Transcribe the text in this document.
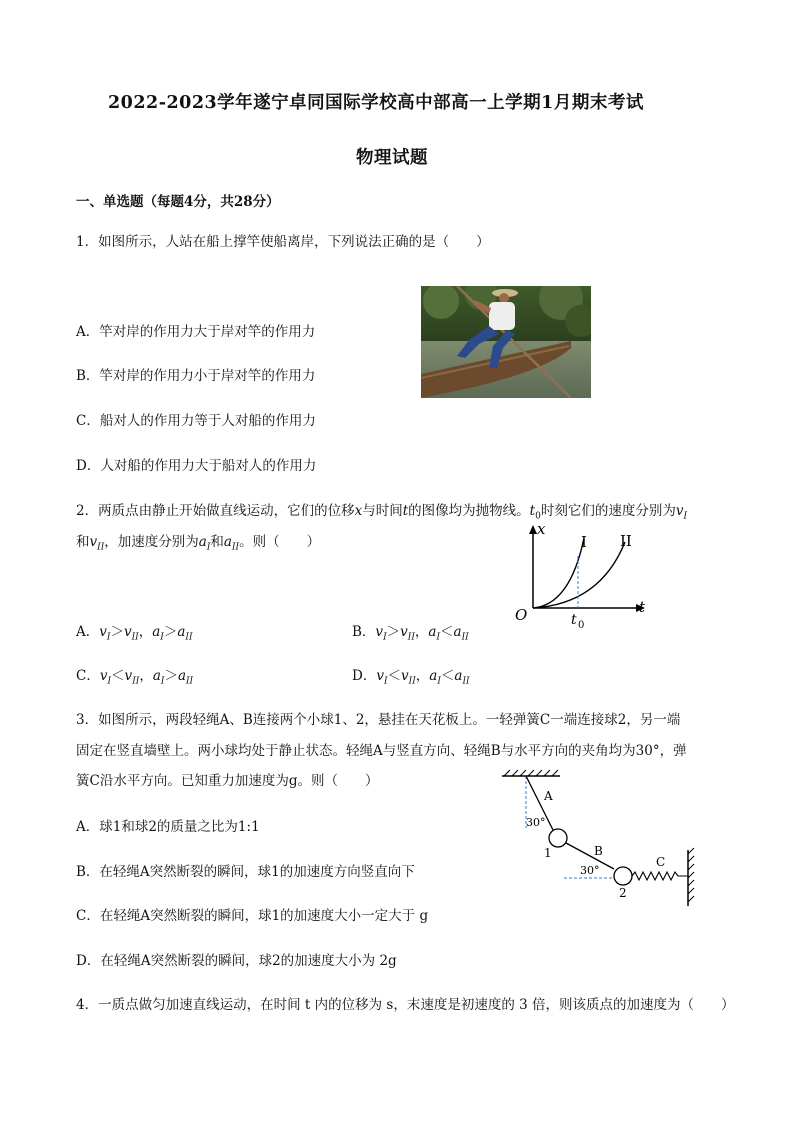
2022-2023学年遂宁卓同国际学校高中部高一上学期1月期末考试
物理试题
一、单选题（每题4分，共28分）
1．如图所示，人站在船上撑竿使船离岸，下列说法正确的是（　　）
A．竿对岸的作用力大于岸对竿的作用力
B．竿对岸的作用力小于岸对竿的作用力
C．船对人的作用力等于人对船的作用力
D．人对船的作用力大于船对人的作用力
2．两质点由静止开始做直线运动，它们的位移x与时间t的图像均为抛物线。$t_0$时刻它们的速度分别为$v_I$
和$v_{II}$，加速度分别为$a_I$和$a_{II}$。则（　　）
A．$v_I>v_{II}$，$a_I>a_{II}$	B．$v_I>v_{II}$，$a_I<a_{II}$
C．$v_I<v_{II}$，$a_I>a_{II}$	D．$v_I<v_{II}$，$a_I<a_{II}$
x
t
O	t 0
I II
3．如图所示，两段轻绳A、B连接两个小球1、2，悬挂在天花板上。一轻弹簧C一端连接球2，另一端
固定在竖直墙壁上。两小球均处于静止状态。轻绳A与竖直方向、轻绳B与水平方向的夹角均为30°，弹
簧C沿水平方向。已知重力加速度为g。则（　　）
A．球1和球2的质量之比为1:1
B．在轻绳A突然断裂的瞬间，球1的加速度方向竖直向下
C．在轻绳A突然断裂的瞬间，球1的加速度大小一定大于 g
D．在轻绳A突然断裂的瞬间，球2的加速度大小为 2g
A
30°
B
30°
C
1
2
4．一质点做匀加速直线运动，在时间 t 内的位移为 s，末速度是初速度的 3 倍，则该质点的加速度为（　　）
